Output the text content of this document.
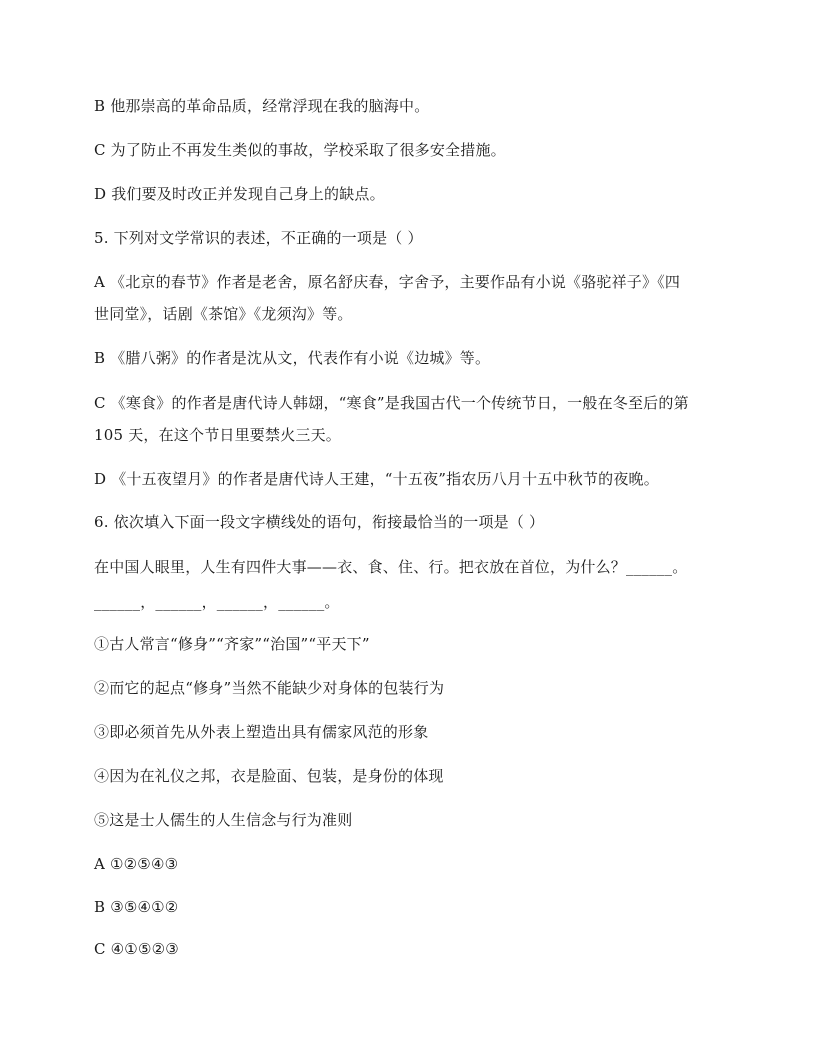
B 他那崇高的革命品质，经常浮现在我的脑海中。
C 为了防止不再发生类似的事故，学校采取了很多安全措施。
D 我们要及时改正并发现自己身上的缺点。
5. 下列对文学常识的表述，不正确的一项是（ ）
A 《北京的春节》作者是老舍，原名舒庆春，字舍予，主要作品有小说《骆驼祥子》《四
世同堂》，话剧《茶馆》《龙须沟》等。
B 《腊八粥》的作者是沈从文，代表作有小说《边城》等。
C 《寒食》的作者是唐代诗人韩翃，“寒食”是我国古代一个传统节日，一般在冬至后的第
105 天，在这个节日里要禁火三天。
D 《十五夜望月》的作者是唐代诗人王建，“十五夜”指农历八月十五中秋节的夜晚。
6. 依次填入下面一段文字横线处的语句，衔接最恰当的一项是（ ）
在中国人眼里，人生有四件大事——衣、食、住、行。把衣放在首位，为什么？______。
______，______，______，______。
①古人常言“修身”“齐家”“治国”“平天下”
②而它的起点“修身”当然不能缺少对身体的包装行为
③即必须首先从外表上塑造出具有儒家风范的形象
④因为在礼仪之邦，衣是脸面、包装，是身份的体现
⑤这是士人儒生的人生信念与行为准则
A ①②⑤④③
B ③⑤④①②
C ④①⑤②③
